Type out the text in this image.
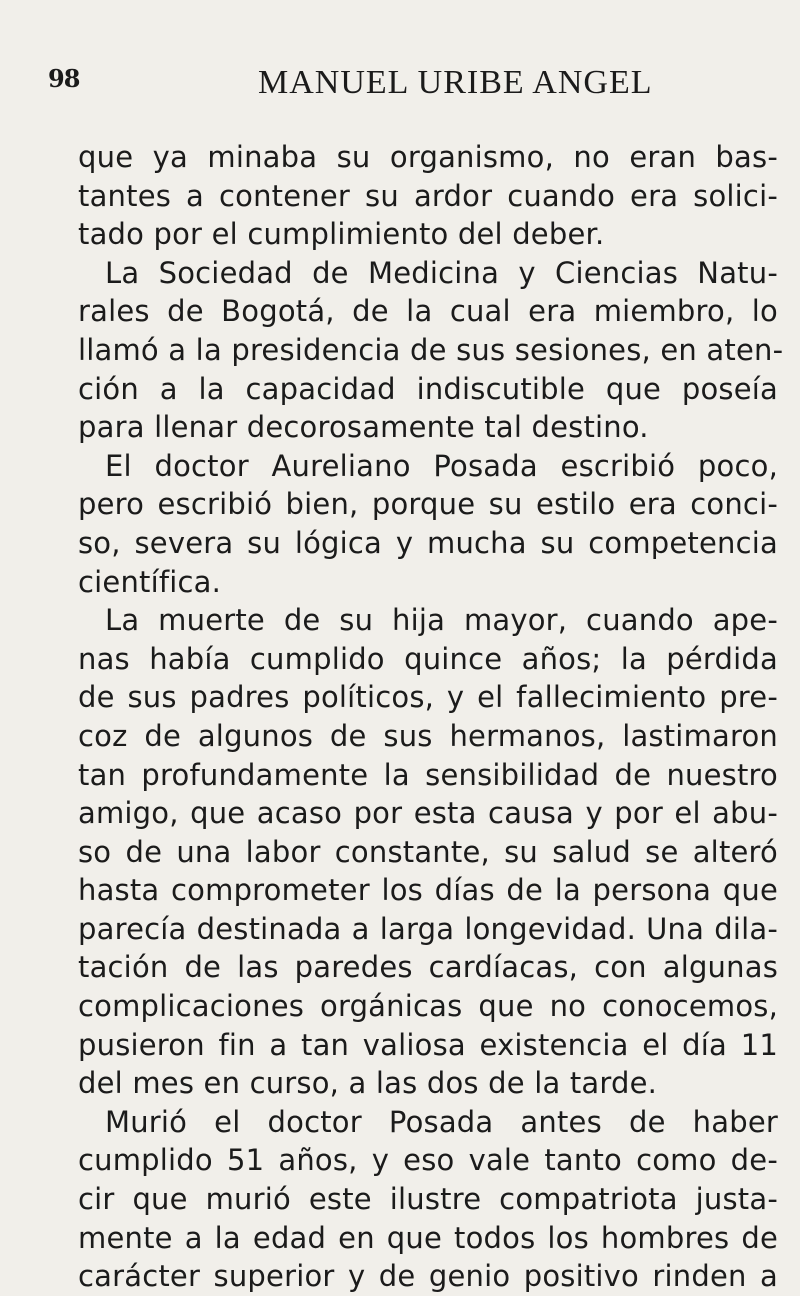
98	MANUEL URIBE ANGEL
que ya minaba su organismo, no eran bas-
tantes a contener su ardor cuando era solici-
tado por el cumplimiento del deber.
La Sociedad de Medicina y Ciencias Natu-
rales de Bogotá, de la cual era miembro, lo
llamó a la presidencia de sus sesiones, en aten-
ción a la capacidad indiscutible que poseía
para llenar decorosamente tal destino.
El doctor Aureliano Posada escribió poco,
pero escribió bien, porque su estilo era conci-
so, severa su lógica y mucha su competencia
científica.
La muerte de su hija mayor, cuando ape-
nas había cumplido quince años; la pérdida
de sus padres políticos, y el fallecimiento pre-
coz de algunos de sus hermanos, lastimaron
tan profundamente la sensibilidad de nuestro
amigo, que acaso por esta causa y por el abu-
so de una labor constante, su salud se alteró
hasta comprometer los días de la persona que
parecía destinada a larga longevidad. Una dila-
tación de las paredes cardíacas, con algunas
complicaciones orgánicas que no conocemos,
pusieron fin a tan valiosa existencia el día 11
del mes en curso, a las dos de la tarde.
Murió el doctor Posada antes de haber
cumplido 51 años, y eso vale tanto como de-
cir que murió este ilustre compatriota justa-
mente a la edad en que todos los hombres de
carácter superior y de genio positivo rinden a
